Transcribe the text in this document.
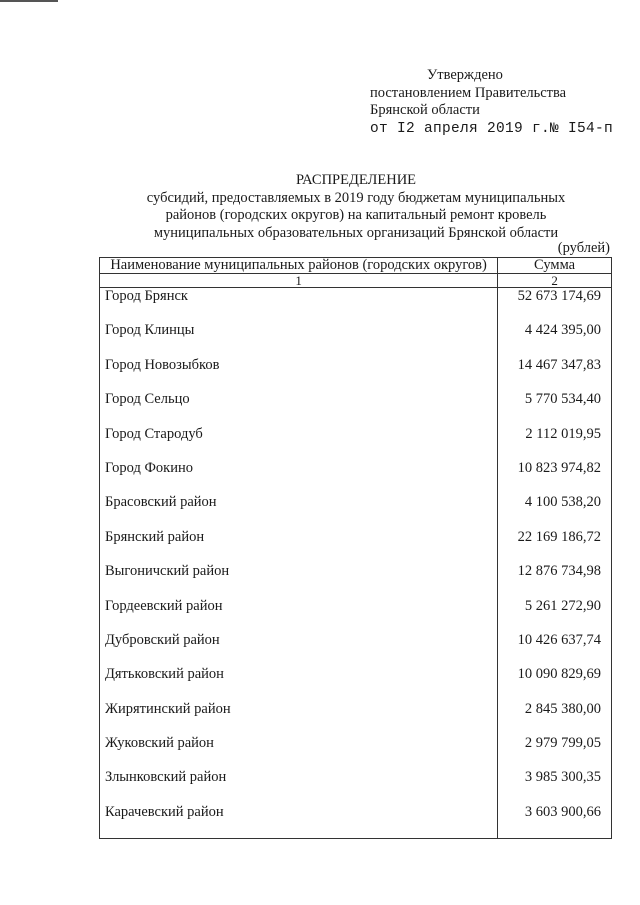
Утверждено
постановлением Правительства
Брянской области
от I2 апреля 2019 г.№ I54-п
РАСПРЕДЕЛЕНИЕ
субсидий, предоставляемых в 2019 году бюджетам муниципальных
районов (городских округов) на капитальный ремонт кровель
муниципальных образовательных организаций Брянской области
(рублей)
Наименование муниципальных районов (городских округов)	Сумма
1	2
Город Брянск	52 673 174,69
Город Клинцы	4 424 395,00
Город Новозыбков	14 467 347,83
Город Сельцо	5 770 534,40
Город Стародуб	2 112 019,95
Город Фокино	10 823 974,82
Брасовский район	4 100 538,20
Брянский район	22 169 186,72
Выгоничский район	12 876 734,98
Гордеевский район	5 261 272,90
Дубровский район	10 426 637,74
Дятьковский район	10 090 829,69
Жирятинский район	2 845 380,00
Жуковский район	2 979 799,05
Злынковский район	3 985 300,35
Карачевский район	3 603 900,66
